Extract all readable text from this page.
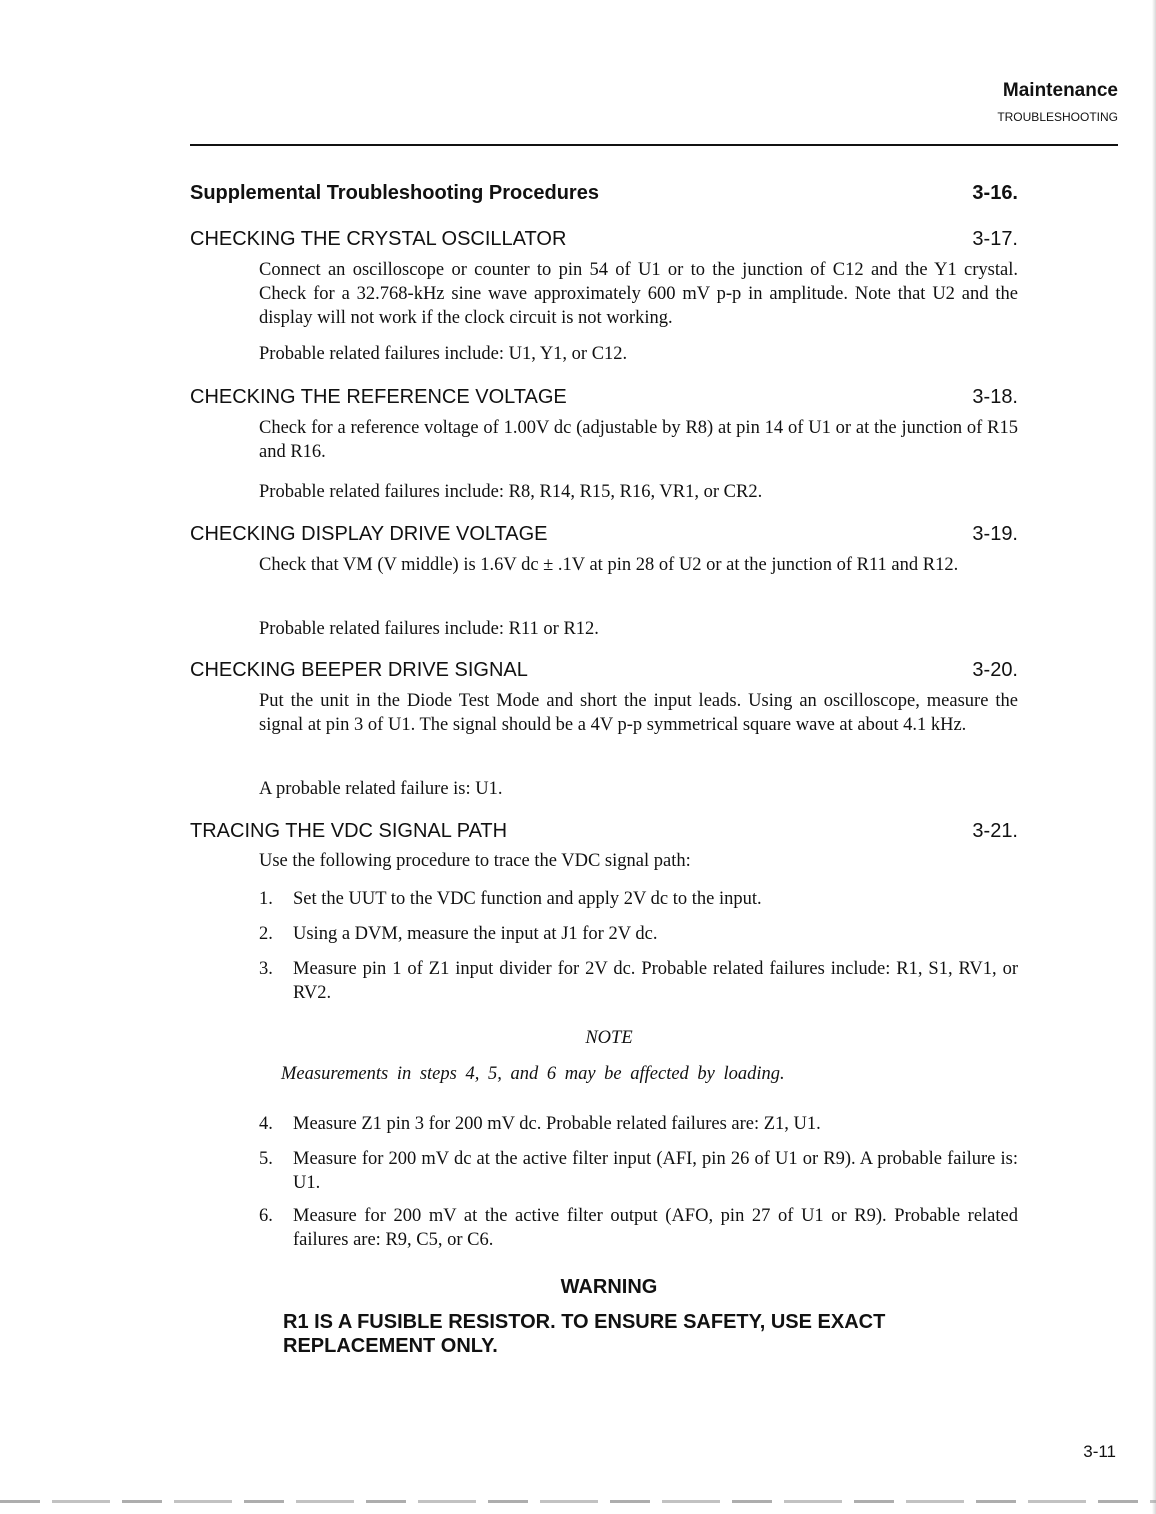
Maintenance
TROUBLESHOOTING
Supplemental Troubleshooting Procedures	3-16.
CHECKING THE CRYSTAL OSCILLATOR	3-17.

Connect an oscilloscope or counter to pin 54 of U1 or to the junction of C12 and the Y1 crystal. Check for a 32.768-kHz sine wave approximately 600 mV p-p in amplitude. Note that U2 and the display will not work if the clock circuit is not working.

Probable related failures include: U1, Y1, or C12.

CHECKING THE REFERENCE VOLTAGE	3-18.

Check for a reference voltage of 1.00V dc (adjustable by R8) at pin 14 of U1 or at the junction of R15 and R16.

Probable related failures include: R8, R14, R15, R16, VR1, or CR2.

CHECKING DISPLAY DRIVE VOLTAGE	3-19.

Check that VM (V middle) is 1.6V dc ± .1V at pin 28 of U2 or at the junction of R11 and R12.

Probable related failures include: R11 or R12.

CHECKING BEEPER DRIVE SIGNAL	3-20.

Put the unit in the Diode Test Mode and short the input leads. Using an oscilloscope, measure the signal at pin 3 of U1. The signal should be a 4V p-p symmetrical square wave at about 4.1 kHz.

A probable related failure is: U1.

TRACING THE VDC SIGNAL PATH	3-21.

Use the following procedure to trace the VDC signal path:

1.	Set the UUT to the VDC function and apply 2V dc to the input.
2.	Using a DVM, measure the input at J1 for 2V dc.
3.	Measure pin 1 of Z1 input divider for 2V dc. Probable related failures include: R1, S1, RV1, or RV2.
NOTE
Measurements in steps 4, 5, and 6 may be affected by loading.
4.	Measure Z1 pin 3 for 200 mV dc. Probable related failures are: Z1, U1.
5.	Measure for 200 mV dc at the active filter input (AFI, pin 26 of U1 or R9). A probable failure is: U1.
6.	Measure for 200 mV at the active filter output (AFO, pin 27 of U1 or R9). Probable related failures are: R9, C5, or C6.
WARNING
R1 IS A FUSIBLE RESISTOR. TO ENSURE SAFETY, USE EXACT REPLACEMENT ONLY.
3-11
